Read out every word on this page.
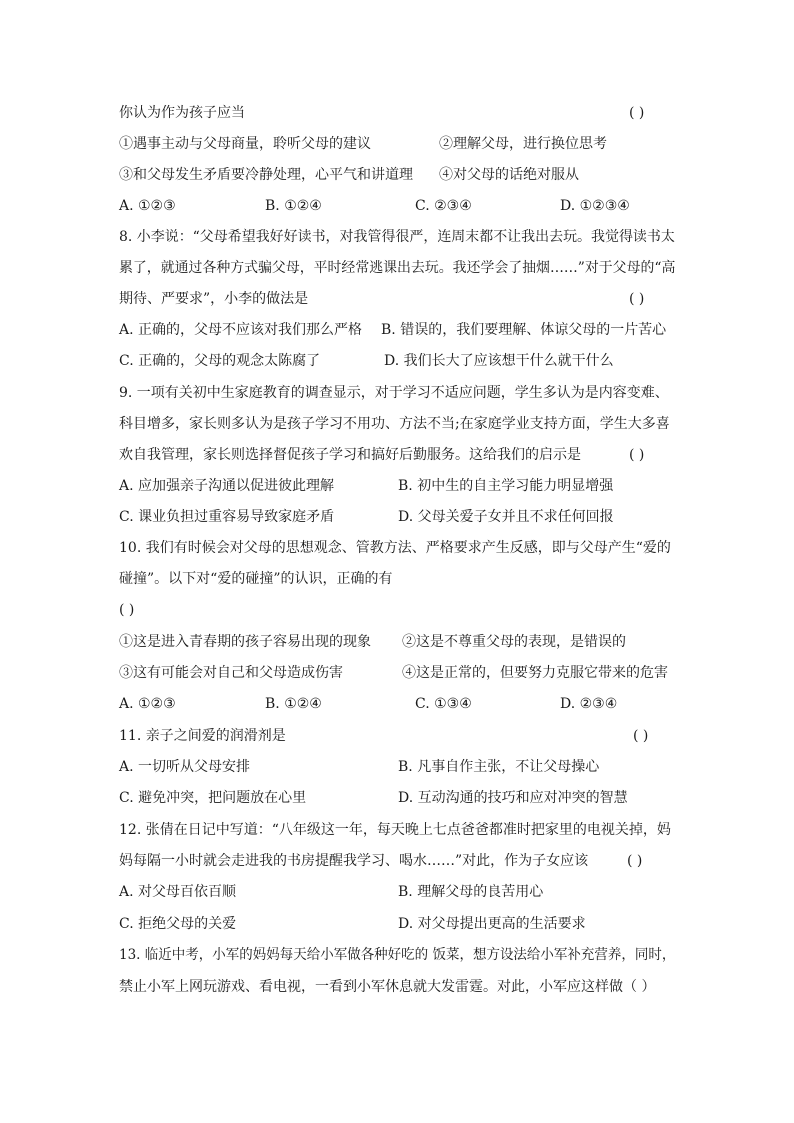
你认为作为孩子应当	( )
①遇事主动与父母商量，聆听父母的建议	②理解父母，进行换位思考
③和父母发生矛盾要冷静处理，心平气和讲道理 ④对父母的话绝对服从
A. ①②③	B. ①②④	C. ②③④	D. ①②③④
8. 小李说：“父母希望我好好读书，对我管得很严，连周末都不让我出去玩。我觉得读书太
累了，就通过各种方式骗父母，平时经常逃课出去玩。我还学会了抽烟……”对于父母的“高
期待、严要求”，小李的做法是	( )
A. 正确的，父母不应该对我们那么严格 B. 错误的，我们要理解、体谅父母的一片苦心
C. 正确的，父母的观念太陈腐了	D. 我们长大了应该想干什么就干什么
9. 一项有关初中生家庭教育的调查显示，对于学习不适应问题，学生多认为是内容变难、
科目增多，家长则多认为是孩子学习不用功、方法不当;在家庭学业支持方面，学生大多喜
欢自我管理，家长则选择督促孩子学习和搞好后勤服务。这给我们的启示是	( )
A. 应加强亲子沟通以促进彼此理解	B. 初中生的自主学习能力明显增强
C. 课业负担过重容易导致家庭矛盾	D. 父母关爱子女并且不求任何回报
10. 我们有时候会对父母的思想观念、管教方法、严格要求产生反感，即与父母产生“爱的
碰撞”。以下对“爱的碰撞”的认识，正确的有
( )
①这是进入青春期的孩子容易出现的现象 ②这是不尊重父母的表现，是错误的
③这有可能会对自己和父母造成伤害	④这是正常的，但要努力克服它带来的危害
A. ①②③	B. ①②④	C. ①③④	D. ②③④
11. 亲子之间爱的润滑剂是	( )
A. 一切听从父母安排	B. 凡事自作主张，不让父母操心
C. 避免冲突，把问题放在心里	D. 互动沟通的技巧和应对冲突的智慧
12. 张倩在日记中写道：“八年级这一年，每天晚上七点爸爸都准时把家里的电视关掉，妈
妈每隔一小时就会走进我的书房提醒我学习、喝水……”对此，作为子女应该	( )
A. 对父母百依百顺	B. 理解父母的良苦用心
C. 拒绝父母的关爱	D. 对父母提出更高的生活要求
13. 临近中考，小军的妈妈每天给小军做各种好吃的 饭菜，想方设法给小军补充营养，同时，
禁止小军上网玩游戏、看电视，一看到小军休息就大发雷霆。对此，小军应这样做（ ）
